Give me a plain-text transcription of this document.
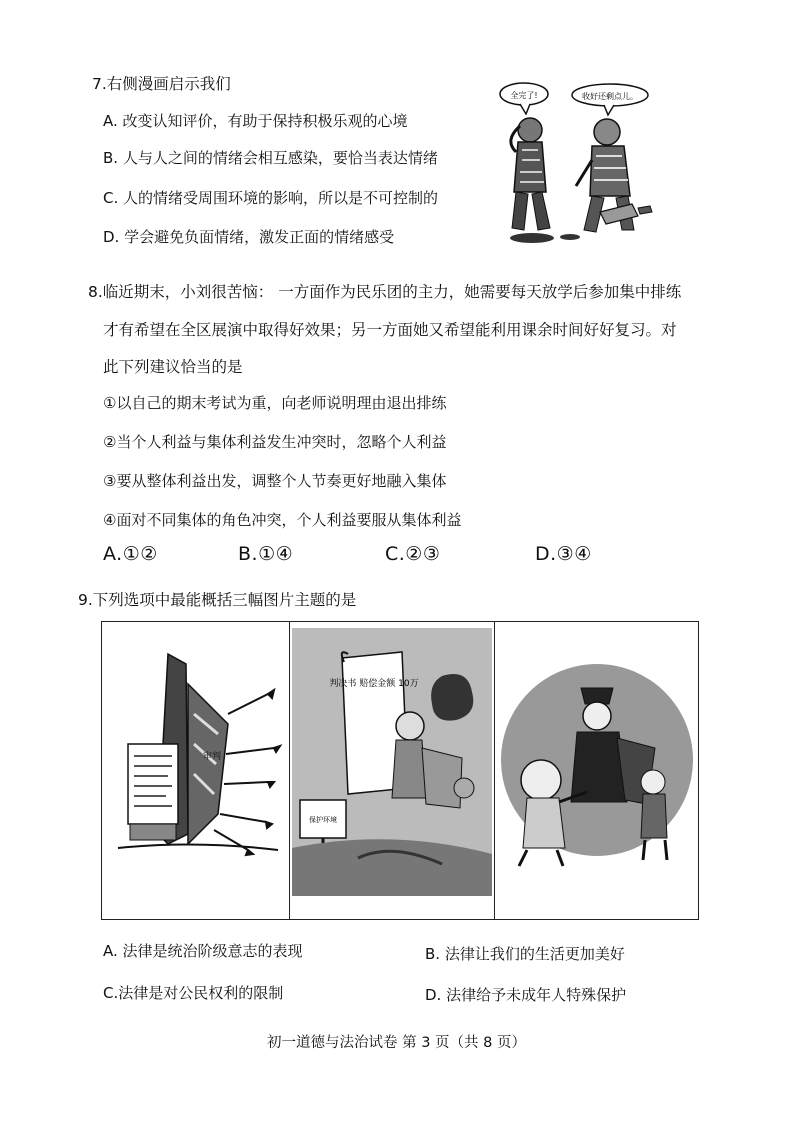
7.右侧漫画启示我们
A. 改变认知评价，有助于保持积极乐观的心境
B. 人与人之间的情绪会相互感染，要恰当表达情绪
C. 人的情绪受周围环境的影响，所以是不可控制的
D. 学会避免负面情绪，激发正面的情绪感受
全完了!	收好还剩点儿。
8.临近期末，小刘很苦恼： 一方面作为民乐团的主力，她需要每天放学后参加集中排练
才有希望在全区展演中取得好效果；另一方面她又希望能利用课余时间好好复习。对
此下列建议恰当的是
①以自己的期末考试为重，向老师说明理由退出排练
②当个人利益与集体利益发生冲突时，忽略个人利益
③要从整体利益出发，调整个人节奏更好地融入集体
④面对不同集体的角色冲突，个人利益要服从集体利益
A.①②	B.①④	C.②③	D.③④
9.下列选项中最能概括三幅图片主题的是
审判
判决书 赔偿金额 10万
保护环境
A. 法律是统治阶级意志的表现	B. 法律让我们的生活更加美好
C.法律是对公民权利的限制	D. 法律给予未成年人特殊保护
初一道德与法治试卷 第 3 页（共 8 页）
